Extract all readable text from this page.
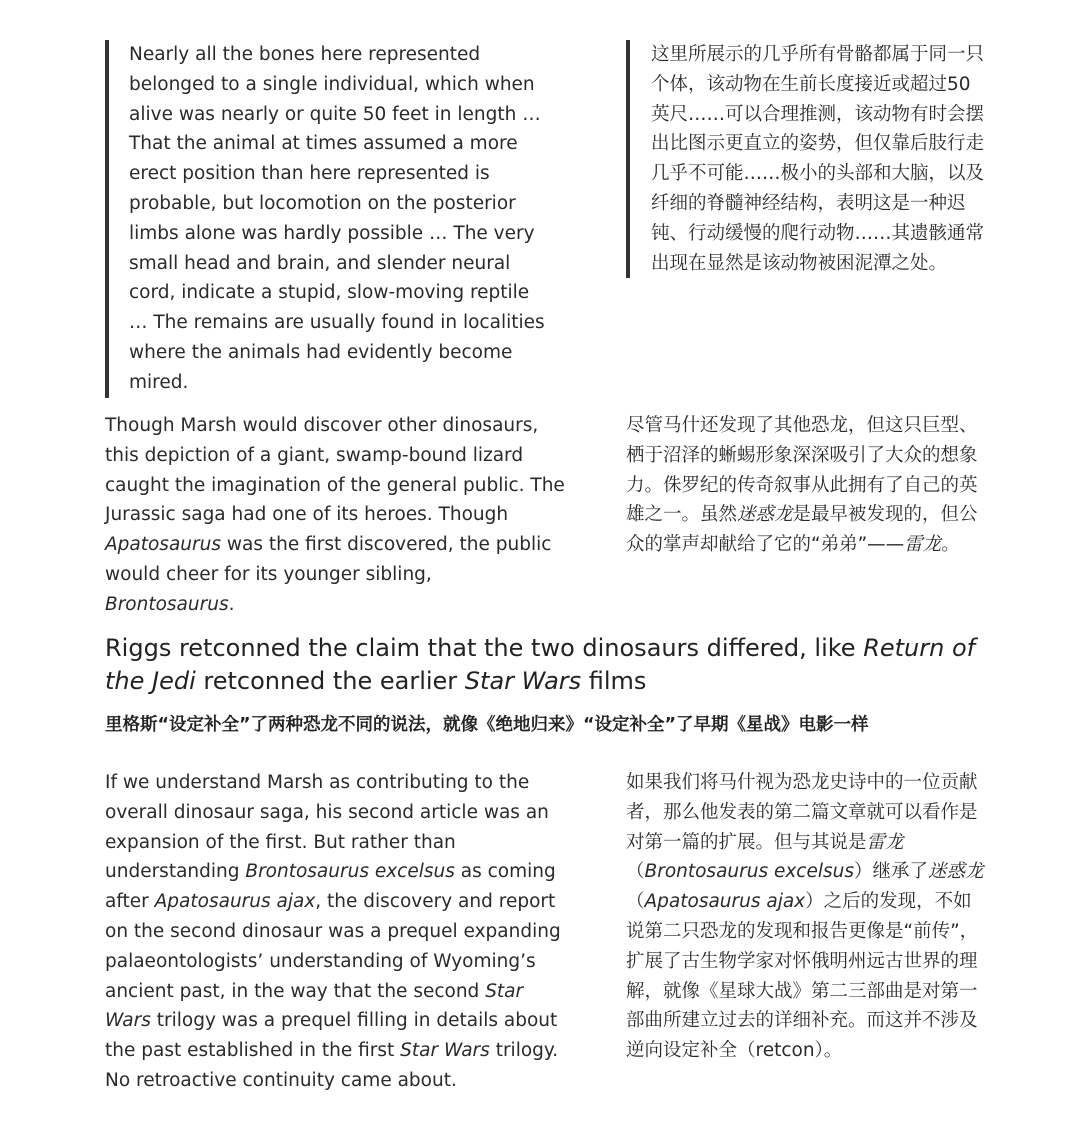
Nearly all the bones here represented belonged to a single individual, which when alive was nearly or quite 50 feet in length … That the animal at times assumed a more erect position than here represented is probable, but locomotion on the posterior limbs alone was hardly possible … The very small head and brain, and slender neural cord, indicate a stupid, slow-moving reptile … The remains are usually found in localities where the animals had evidently become mired.

这里所展示的几乎所有骨骼都属于同一只个体，该动物在生前长度接近或超过50英尺……可以合理推测，该动物有时会摆出比图示更直立的姿势，但仅靠后肢行走几乎不可能……极小的头部和大脑，以及纤细的脊髓神经结构，表明这是一种迟钝、行动缓慢的爬行动物……其遗骸通常出现在显然是该动物被困泥潭之处。

Though Marsh would discover other dinosaurs, this depiction of a giant, swamp-bound lizard caught the imagination of the general public. The Jurassic saga had one of its heroes. Though Apatosaurus was the first discovered, the public would cheer for its younger sibling, Brontosaurus.

尽管马什还发现了其他恐龙，但这只巨型、栖于沼泽的蜥蜴形象深深吸引了大众的想象力。侏罗纪的传奇叙事从此拥有了自己的英雄之一。虽然迷惑龙是最早被发现的，但公众的掌声却献给了它的“弟弟”——雷龙。

Riggs retconned the claim that the two dinosaurs differed, like Return of the Jedi retconned the earlier Star Wars films
里格斯“设定补全”了两种恐龙不同的说法，就像《绝地归来》“设定补全”了早期《星战》电影一样

If we understand Marsh as contributing to the overall dinosaur saga, his second article was an expansion of the first. But rather than understanding Brontosaurus excelsus as coming after Apatosaurus ajax, the discovery and report on the second dinosaur was a prequel expanding palaeontologists’ understanding of Wyoming’s ancient past, in the way that the second Star Wars trilogy was a prequel filling in details about the past established in the first Star Wars trilogy. No retroactive continuity came about.

如果我们将马什视为恐龙史诗中的一位贡献者，那么他发表的第二篇文章就可以看作是对第一篇的扩展。但与其说是雷龙（Brontosaurus excelsus）继承了迷惑龙（Apatosaurus ajax）之后的发现，不如说第二只恐龙的发现和报告更像是“前传”，扩展了古生物学家对怀俄明州远古世界的理解，就像《星球大战》第二三部曲是对第一部曲所建立过去的详细补充。而这并不涉及逆向设定补全（retcon）。
